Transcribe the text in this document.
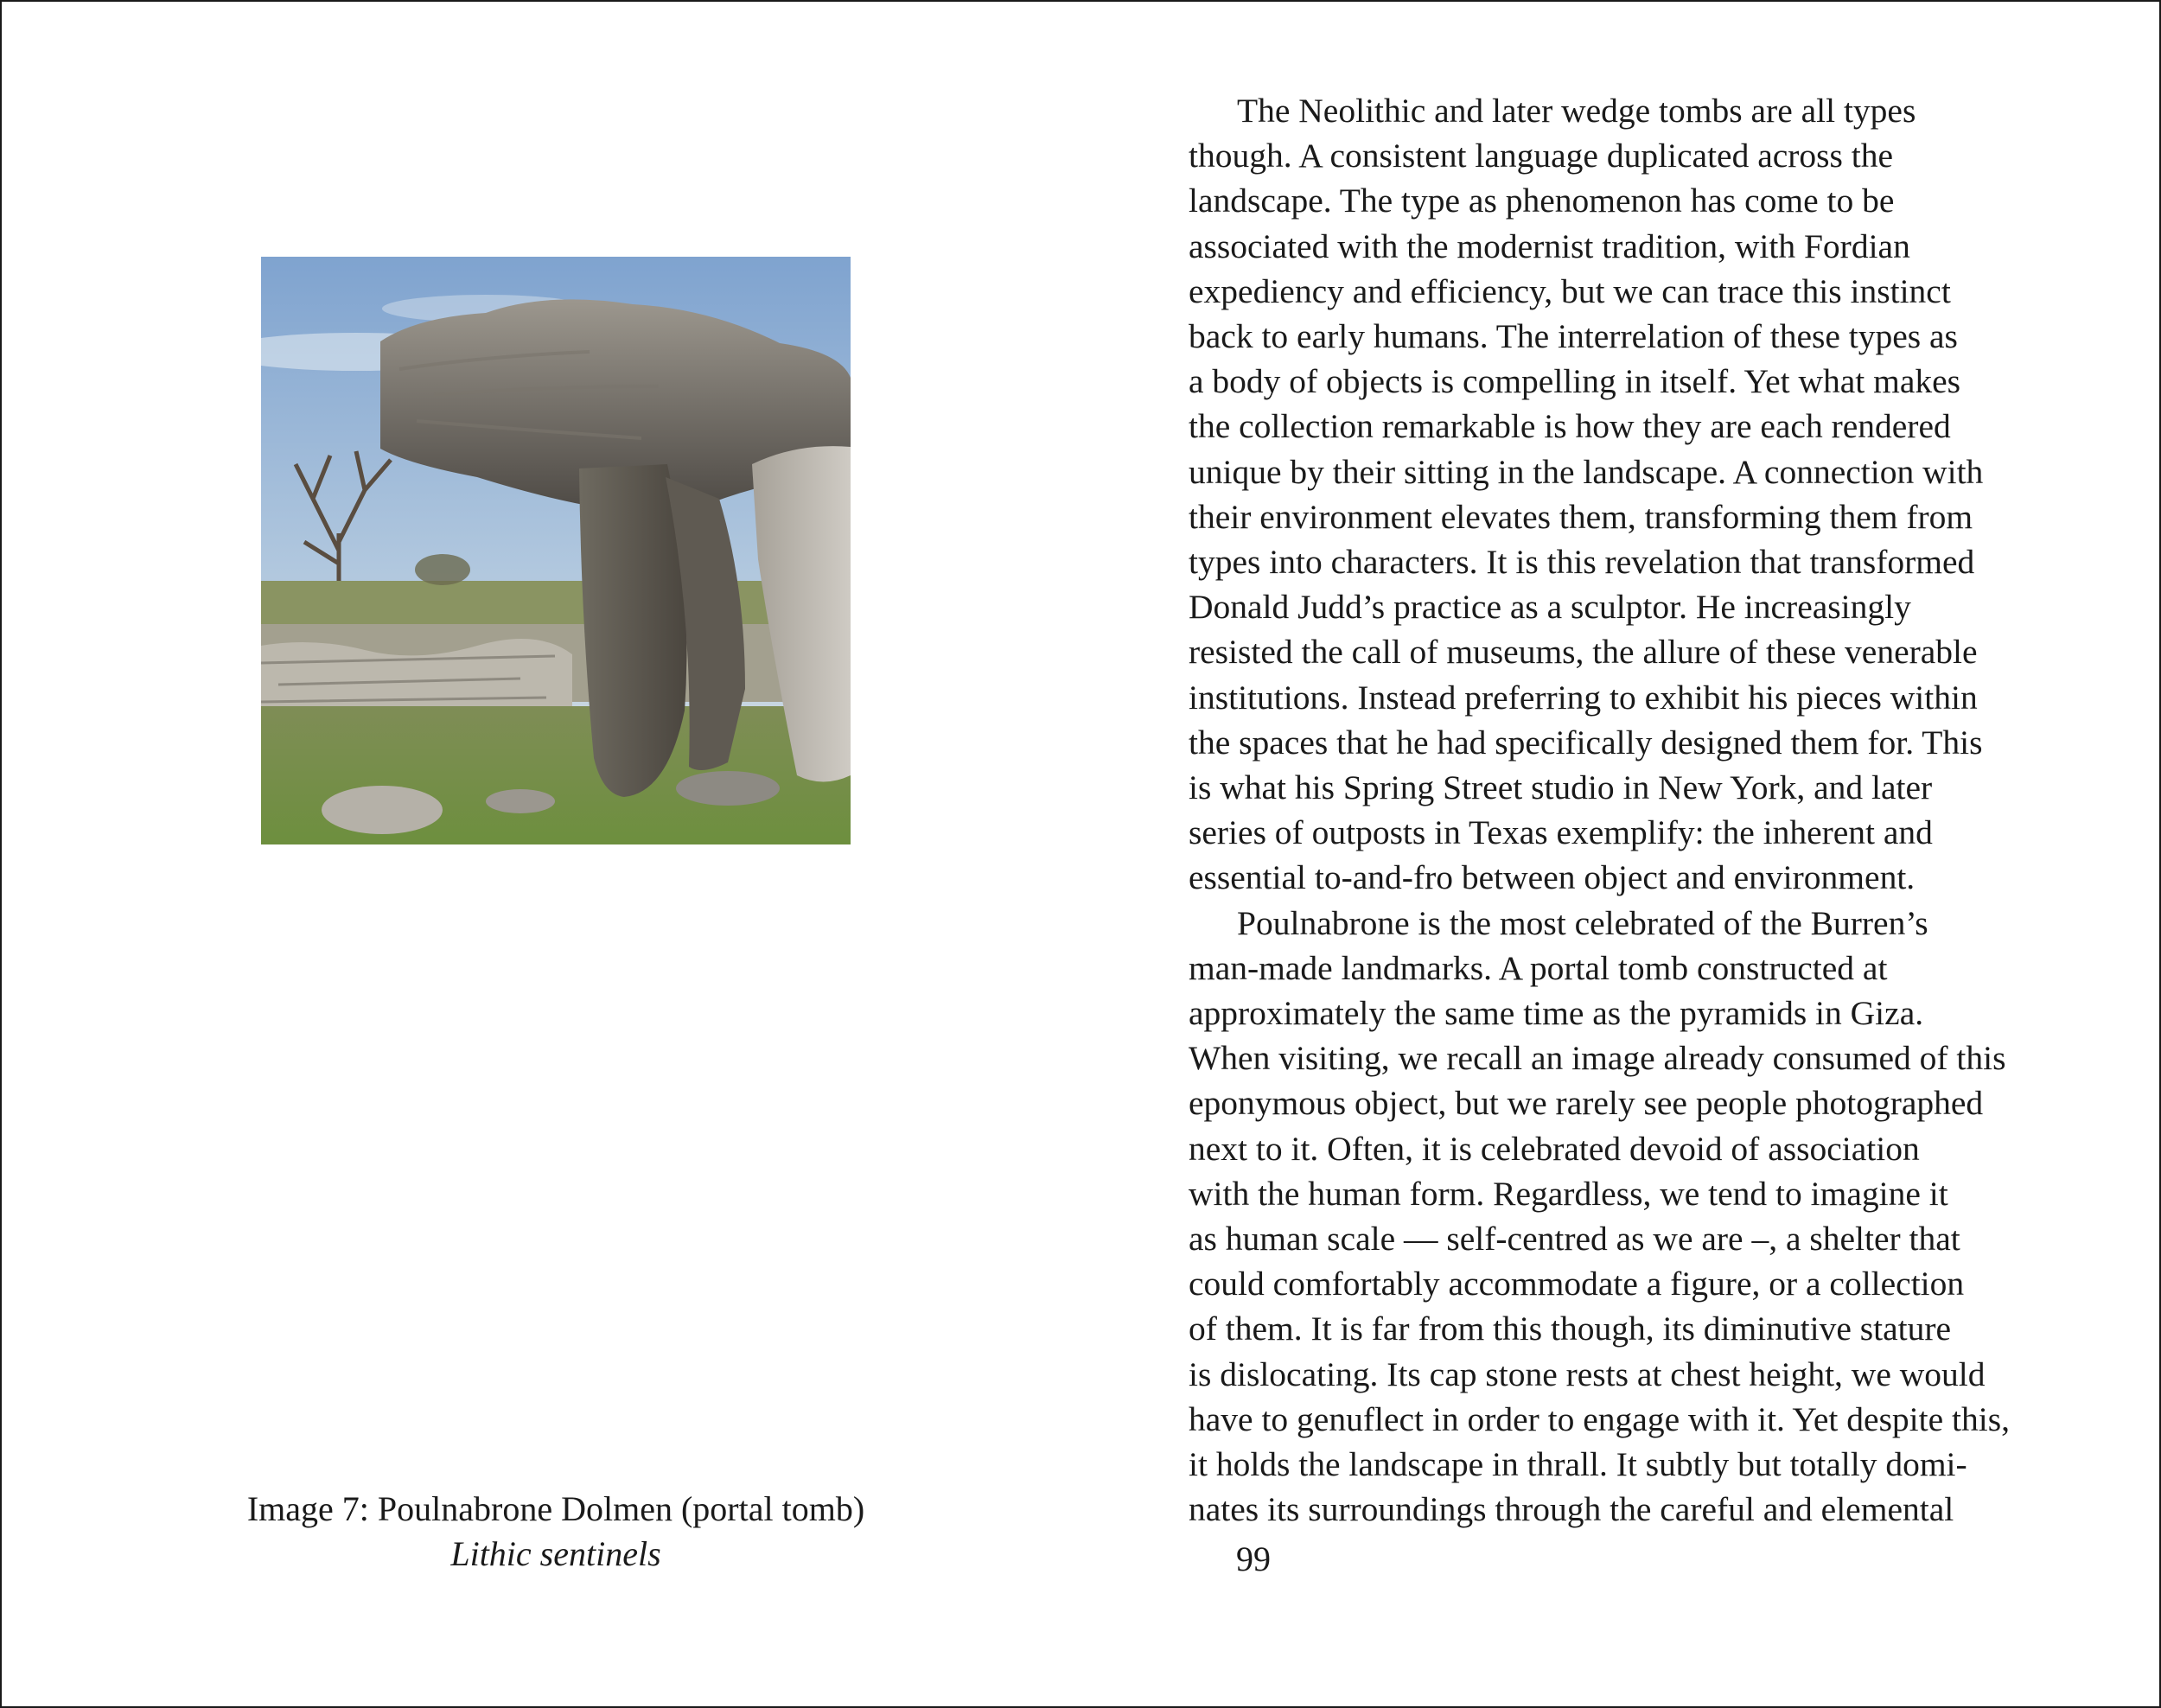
Image 7: Poulnabrone Dolmen (portal tomb)
Lithic sentinels
The Neolithic and later wedge tombs are all types
though. A consistent language duplicated across the
landscape. The type as phenomenon has come to be
associated with the modernist tradition, with Fordian
expediency and efficiency, but we can trace this instinct
back to early humans. The interrelation of these types as
a body of objects is compelling in itself. Yet what makes
the collection remarkable is how they are each rendered
unique by their sitting in the landscape. A connection with
their environment elevates them, transforming them from
types into characters. It is this revelation that transformed
Donald Judd’s practice as a sculptor. He increasingly
resisted the call of museums, the allure of these venerable
institutions. Instead preferring to exhibit his pieces within
the spaces that he had specifically designed them for. This
is what his Spring Street studio in New York, and later
series of outposts in Texas exemplify: the inherent and
essential to-and-fro between object and environment.
Poulnabrone is the most celebrated of the Burren’s
man-made landmarks. A portal tomb constructed at
approximately the same time as the pyramids in Giza.
When visiting, we recall an image already consumed of this
eponymous object, but we rarely see people photographed
next to it. Often, it is celebrated devoid of association
with the human form. Regardless, we tend to imagine it
as human scale — self-centred as we are –, a shelter that
could comfortably accommodate a figure, or a collection
of them. It is far from this though, its diminutive stature
is dislocating. Its cap stone rests at chest height, we would
have to genuflect in order to engage with it. Yet despite this,
it holds the landscape in thrall. It subtly but totally domi-
nates its surroundings through the careful and elemental
99
